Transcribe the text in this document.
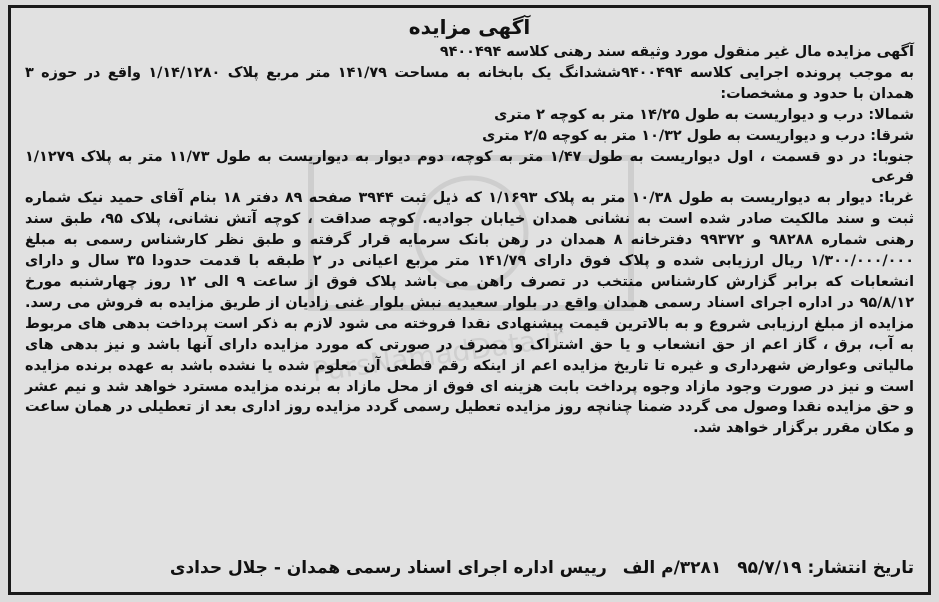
ParsNamadData.ir
آگهی مزایده

آگهی مزایده مال غیر منقول مورد وثیقه سند رهنی کلاسه ۹۴۰۰۴۹۴

به موجب پرونده اجرایی کلاسه ۹۴۰۰۴۹۴ششدانگ یک بابخانه به مساحت ۱۴۱/۷۹ متر مربع پلاک ۱/۱۴/۱۲۸۰ واقع در حوزه ۳ همدان با حدود و مشخصات:

شمالا: درب و دیواریست به طول ۱۴/۲۵ متر به کوچه ۲ متری

شرقا: درب و دیواریست به طول ۱۰/۳۲ متر به کوچه ۲/۵ متری

جنوبا: در دو قسمت ، اول دیواریست به طول ۱/۴۷ متر به کوچه، دوم دیوار به دیواریست به طول ۱۱/۷۳ متر به پلاک ۱/۱۲۷۹ فرعی

غربا: دیوار به دیواریست به طول ۱۰/۳۸ متر به پلاک ۱/۱۶۹۳ که ذیل ثبت ۳۹۴۴ صفحه ۸۹ دفتر ۱۸ بنام آقای حمید نیک شماره ثبت و سند مالکیت صادر شده است به نشانی همدان خیابان جوادیه. کوچه صداقت ، کوچه آتش نشانی، پلاک ۹۵، طبق سند رهنی شماره ۹۸۲۸۸ و ۹۹۳۷۲ دفترخانه ۸ همدان در رهن بانک سرمایه قرار گرفته و طبق نظر کارشناس رسمی به مبلغ ۱/۳۰۰/۰۰۰/۰۰۰ ریال ارزیابی شده و پلاک فوق دارای ۱۴۱/۷۹ متر مربع اعیانی در ۲ طبقه با قدمت حدودا ۳۵ سال و دارای انشعابات که برابر گزارش کارشناس منتخب در تصرف راهن می باشد پلاک فوق از ساعت ۹ الی ۱۲ روز چهارشنبه مورخ ۹۵/۸/۱۲ در اداره اجرای اسناد رسمی همدان واقع در بلوار سعیدیه نبش بلوار غنی زادیان از طریق مزایده به فروش می رسد. مزایده از مبلغ ارزیابی شروع و به بالاترین قیمت پیشنهادی نقدا فروخته می شود لازم به ذکر است پرداخت بدهی های مربوط به آب، برق ، گاز اعم از حق انشعاب و یا حق اشتراک و مصرف در صورتی که مورد مزایده دارای آنها باشد و نیز بدهی های مالیاتی وعوارض شهرداری و غیره تا تاریخ مزایده اعم از اینکه رقم قطعی آن معلوم شده یا نشده باشد به عهده برنده مزایده است و نیز در صورت وجود مازاد وجوه پرداخت بابت هزینه ای فوق از محل مازاد به برنده مزایده مسترد خواهد شد و نیم عشر و حق مزایده نقدا وصول می گردد ضمنا چنانچه روز مزایده تعطیل رسمی گردد مزایده روز اداری بعد از تعطیلی در همان ساعت و مکان مقرر برگزار خواهد شد.

تاریخ انتشار: ۹۵/۷/۱۹ ۳۲۸۱/م الف رییس اداره اجرای اسناد رسمی همدان - جلال حدادی
